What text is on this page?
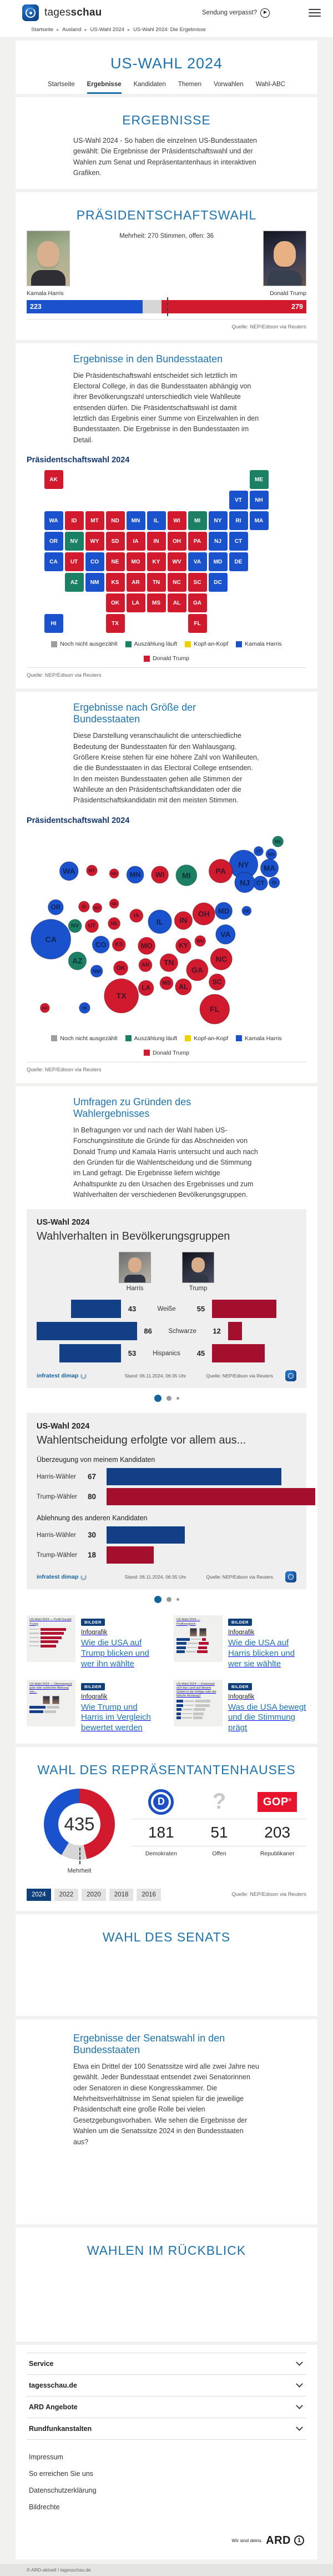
tagesschau	Sendung verpasst?
Startseite ▸ Ausland ▸ US-Wahl 2024 ▸ US-Wahl 2024: Die Ergebnisse
US-WAHL 2024
Startseite Ergebnisse Kandidaten Themen Vorwahlen Wahl-ABC
ERGEBNISSE

US-Wahl 2024 - So haben die einzelnen US-Bundesstaaten gewählt: Die Ergebnisse der Präsidentschaftswahl und der Wahlen zum Senat und Repräsentantenhaus in interaktiven Grafiken.

PRÄSIDENTSCHAFTSWAHL
Mehrheit: 270 Stimmen, offen: 36
Kamala Harris	Donald Trump
223	279
Quelle: NEP/Edison via Reuters
Ergebnisse in den Bundesstaaten

Die Präsidentschaftswahl entscheidet sich letztlich im Electoral College, in das die Bundesstaaten abhängig von ihrer Bevölkerungszahl unterschiedlich viele Wahlleute entsenden dürfen. Die Präsidentschaftswahl ist damit letztlich das Ergebnis einer Summe von Einzelwahlen in den Bundesstaaten. Die Ergebnisse in den Bundesstaaten im Detail.

Präsidentschaftswahl 2024
AK	ME
VT	NH
WA	ID	MT	ND	MN	IL	WI	MI	NY	RI	MA
OR	NV	WY	SD	IA	IN	OH	PA	NJ	CT
CA	UT	CO	NE	MO	KY	WV	VA	MD	DE
AZ	NM	KS	AR	TN	NC	SC	DC
OK	LA	MS	AL	GA
HI	TX	FL
Noch nicht ausgezählt	Auszählung läuft	Kopf-an-Kopf	Kamala Harris
Donald Trump
Quelle: NEP/Edison via Reuters
Ergebnisse nach Größe der Bundesstaaten

Diese Darstellung veranschaulicht die unterschiedliche Bedeutung der Bundesstaaten für den Wahlausgang. Größere Kreise stehen für eine höhere Zahl von Wahlleuten, die die Bundesstaaten in das Electoral College entsenden. In den meisten Bundesstaaten gehen alle Stimmen der Wahlleute an den Präsidentschaftskandidaten oder die Präsidentschaftskandidatin mit den meisten Stimmen.

Präsidentschaftswahl 2024
ME
VT
NH
NY MA
CT RI
PA
NJ
WA	MT
ND MN WI MI
OR	ID WY
SD
IA
IL IN
OH MD	DE
NE
NV UT
CA
CO KS	MO	KY
WV
VA
AZ
NM	OK	AR TN	NC
GA
SC
MS AL
LA
TX
FL
AK	HI
Noch nicht ausgezählt	Auszählung läuft	Kopf-an-Kopf	Kamala Harris
Donald Trump
Quelle: NEP/Edison via Reuters
Umfragen zu Gründen des Wahlergebnisses

In Befragungen vor und nach der Wahl haben US-Forschungsinstitute die Gründe für das Abschneiden von Donald Trump und Kamala Harris untersucht und auch nach den Gründen für die Wahlentscheidung und die Stimmung im Land gefragt. Die Ergebnisse liefern wichtige Anhaltspunkte zu den Ursachen des Ergebnisses und zum Wahlverhalten der verschiedenen Bevölkerungsgruppen.

US-Wahl 2024
Wahlverhalten in Bevölkerungsgruppen
Harris	Trump
43	Weiße	55
86	Schwarze	12
53	Hispanics	45
infratest dimap	Stand: 06.11.2024, 06:35 Uhr	Quelle: NEP/Edison via Reuters
US-Wahl 2024
Wahlentscheidung erfolgte vor allem aus...
Überzeugung von meinem Kandidaten
Harris-Wähler	67
Trump-Wähler	80
Ablehnung des anderen Kandidaten
Harris-Wähler	30
Trump-Wähler	18
infratest dimap	Stand: 06.11.2024, 06:35 Uhr	Quelle: NEP/Edison via Reuters
US-Wahl 2024 — Profil Donald Trump	BILDER
Infografik
Wie die USA auf Trump blicken und wer ihn wählte
US-Wahl 2024 — Profilvergleich	BILDER
Infografik
Wie die USA auf Harris blicken und wer sie wählte
US-Wahl 2024 — Überwiegend gute oder schlechte Meinung von...
BILDER
Infografik
Wie Trump und Harris im Vergleich bewertet werden
US-Wahl 2024 — Entwickelt sich das Land auf diesem Gebiet in die richtige oder die falsche Richtung?
BILDER
Infografik
Was die USA bewegt und die Stimmung prägt
WAHL DES REPRÄSENTANTENHAUSES
435
Mehrheit
D
181
Demokraten
?
51
Offen
GOP®
203
Republikaner
2024	2022	2020	2018	2016	Quelle: NEP/Edison via Reuters
WAHL DES SENATS
Ergebnisse der Senatswahl in den Bundesstaaten

Etwa ein Drittel der 100 Senatssitze wird alle zwei Jahre neu gewählt. Jeder Bundesstaat entsendet zwei Senatorinnen oder Senatoren in diese Kongresskammer. Die Mehrheitsverhältnisse im Senat spielen für die jeweilige Präsidentschaft eine große Rolle bei vielen Gesetzgebungsvorhaben. Wie sehen die Ergebnisse der Wahlen um die Senatssitze 2024 in den Bundesstaaten aus?

WAHLEN IM RÜCKBLICK
Service
tagesschau.de
ARD Angebote
Rundfunkanstalten
Impressum
So erreichen Sie uns
Datenschutzerklärung
Bildrechte
Wir sind deins. ARD	1
© ARD-aktuell / tagesschau.de
